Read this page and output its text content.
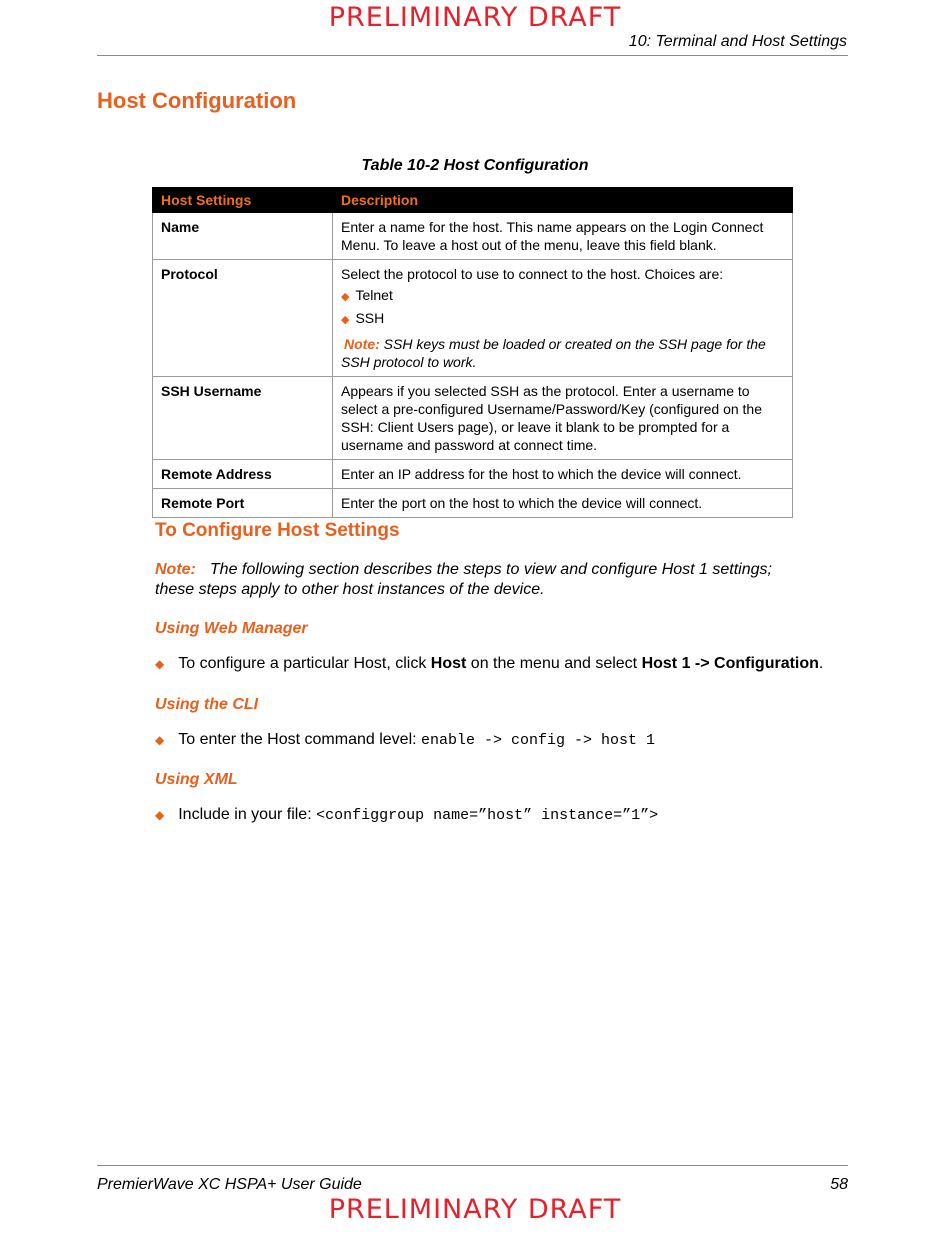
PRELIMINARY DRAFT
10: Terminal and Host Settings
Host Configuration
Table 10-2 Host Configuration
Host Settings	Description
Name	Enter a name for the host. This name appears on the Login Connect Menu. To leave a host out of the menu, leave this field blank.
Protocol	Select the protocol to use to connect to the host. Choices are:
◆ Telnet
◆ SSH
Note: SSH keys must be loaded or created on the SSH page for the SSH protocol to work.

SSH Username	Appears if you selected SSH as the protocol. Enter a username to select a pre-configured Username/Password/Key (configured on the SSH: Client Users page), or leave it blank to be prompted for a username and password at connect time.
Remote Address	Enter an IP address for the host to which the device will connect.
Remote Port	Enter the port on the host to which the device will connect.
To Configure Host Settings
Note: The following section describes the steps to view and configure Host 1 settings; these steps apply to other host instances of the device.
Using Web Manager
◆ To configure a particular Host, click Host on the menu and select Host 1 -> Configuration.
Using the CLI
◆ To enter the Host command level: enable -> config -> host 1
Using XML
◆ Include in your file: <configgroup name=”host” instance=”1”>
PremierWave XC HSPA+ User Guide	58
PRELIMINARY DRAFT
